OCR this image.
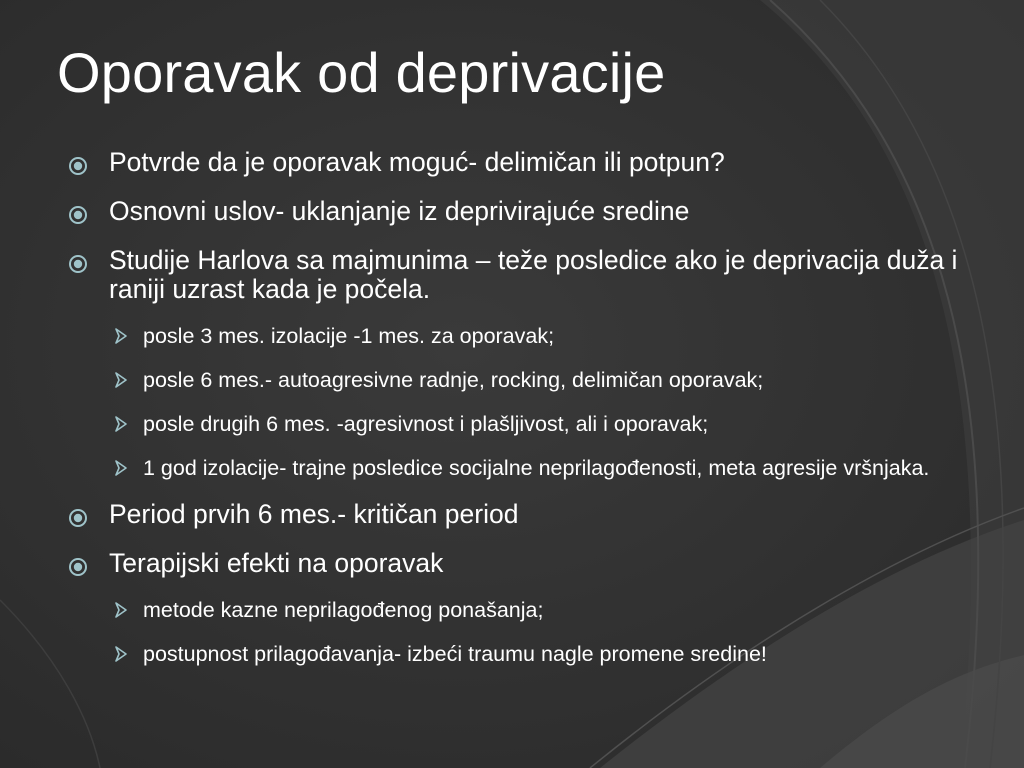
Oporavak od deprivacije
Potvrde da je oporavak moguć- delimičan ili potpun?
Osnovni uslov- uklanjanje iz deprivirajuće sredine
Studije Harlova sa majmunima – teže posledice ako je deprivacija duža i raniji uzrast kada je počela.
posle 3 mes. izolacije -1 mes. za oporavak;
posle 6 mes.- autoagresivne radnje, rocking, delimičan oporavak;
posle drugih 6 mes. -agresivnost i plašljivost, ali i oporavak;
1 god izolacije- trajne posledice socijalne neprilagođenosti, meta agresije vršnjaka.
Period prvih 6 mes.- kritičan period
Terapijski efekti na oporavak
metode kazne neprilagođenog ponašanja;
postupnost prilagođavanja- izbeći traumu nagle promene sredine!
